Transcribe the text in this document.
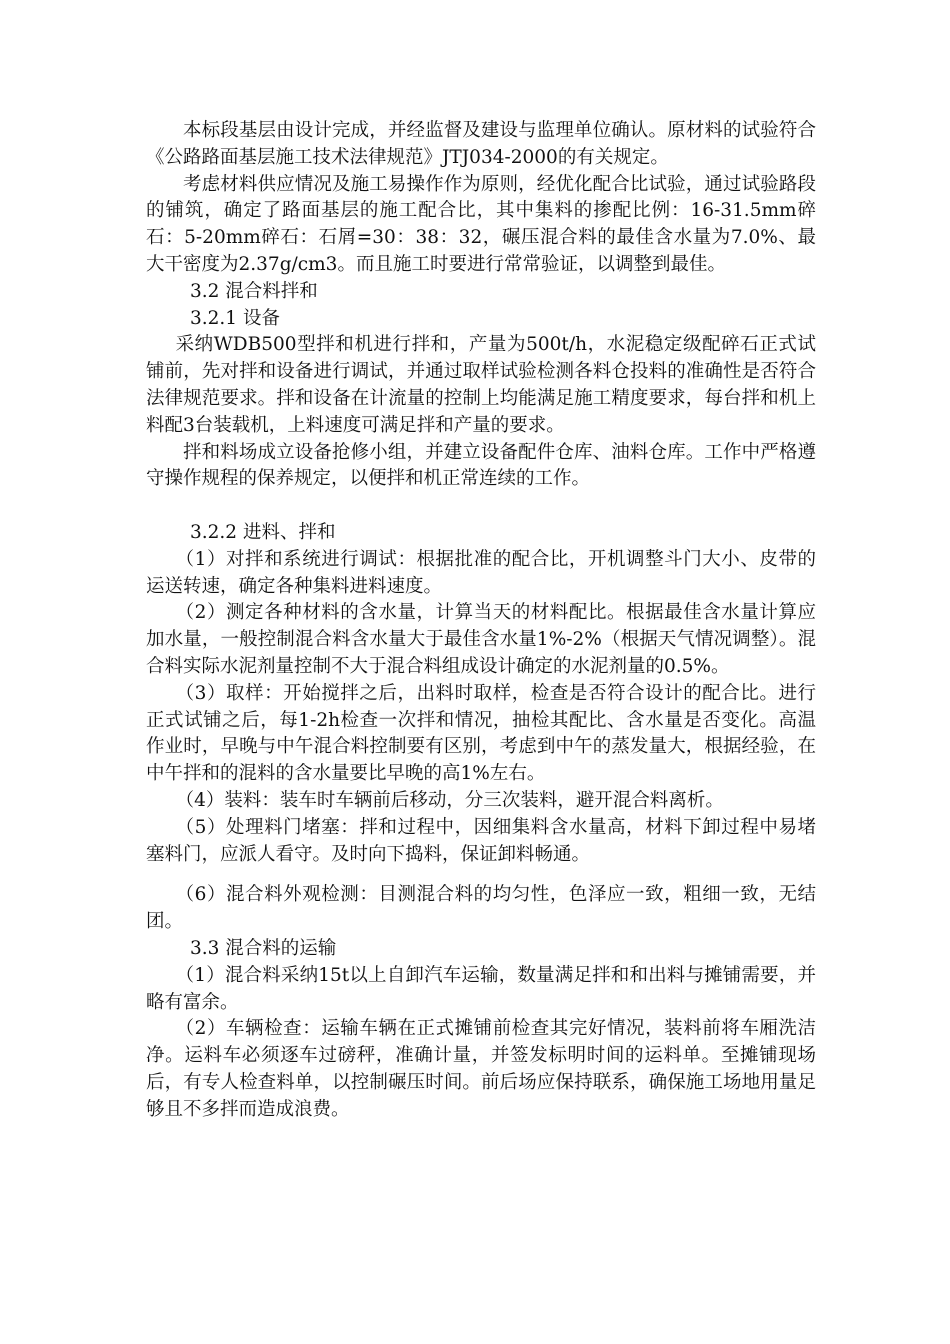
本标段基层由设计完成，并经监督及建设与监理单位确认。原材料的试验符合《公路路面基层施工技术法律规范》JTJ034-2000的有关规定。

考虑材料供应情况及施工易操作作为原则，经优化配合比试验，通过试验路段的铺筑，确定了路面基层的施工配合比，其中集料的掺配比例：16-31.5mm碎石：5-20mm碎石：石屑=30：38：32，碾压混合料的最佳含水量为7.0%、最大干密度为2.37g/cm3。而且施工时要进行常常验证，以调整到最佳。

3.2 混合料拌和

3.2.1 设备

采纳WDB500型拌和机进行拌和，产量为500t/h，水泥稳定级配碎石正式试铺前，先对拌和设备进行调试，并通过取样试验检测各料仓投料的准确性是否符合法律规范要求。拌和设备在计流量的控制上均能满足施工精度要求，每台拌和机上料配3台装载机，上料速度可满足拌和产量的要求。

拌和料场成立设备抢修小组，并建立设备配件仓库、油料仓库。工作中严格遵守操作规程的保养规定，以便拌和机正常连续的工作。

3.2.2 进料、拌和

（1）对拌和系统进行调试：根据批准的配合比，开机调整斗门大小、皮带的运送转速，确定各种集料进料速度。

（2）测定各种材料的含水量，计算当天的材料配比。根据最佳含水量计算应加水量，一般控制混合料含水量大于最佳含水量1%-2%（根据天气情况调整）。混合料实际水泥剂量控制不大于混合料组成设计确定的水泥剂量的0.5%。

（3）取样：开始搅拌之后，出料时取样，检查是否符合设计的配合比。进行正式试铺之后，每1-2h检查一次拌和情况，抽检其配比、含水量是否变化。高温作业时，早晚与中午混合料控制要有区别，考虑到中午的蒸发量大，根据经验，在中午拌和的混料的含水量要比早晚的高1%左右。

（4）装料：装车时车辆前后移动，分三次装料，避开混合料离析。

（5）处理料门堵塞：拌和过程中，因细集料含水量高，材料下卸过程中易堵塞料门，应派人看守。及时向下捣料，保证卸料畅通。

（6）混合料外观检测：目测混合料的均匀性，色泽应一致，粗细一致，无结团。

3.3 混合料的运输

（1）混合料采纳15t以上自卸汽车运输，数量满足拌和和出料与摊铺需要，并略有富余。

（2）车辆检查：运输车辆在正式摊铺前检查其完好情况，装料前将车厢洗洁净。运料车必须逐车过磅秤，准确计量，并签发标明时间的运料单。至摊铺现场后，有专人检查料单，以控制碾压时间。前后场应保持联系，确保施工场地用量足够且不多拌而造成浪费。
